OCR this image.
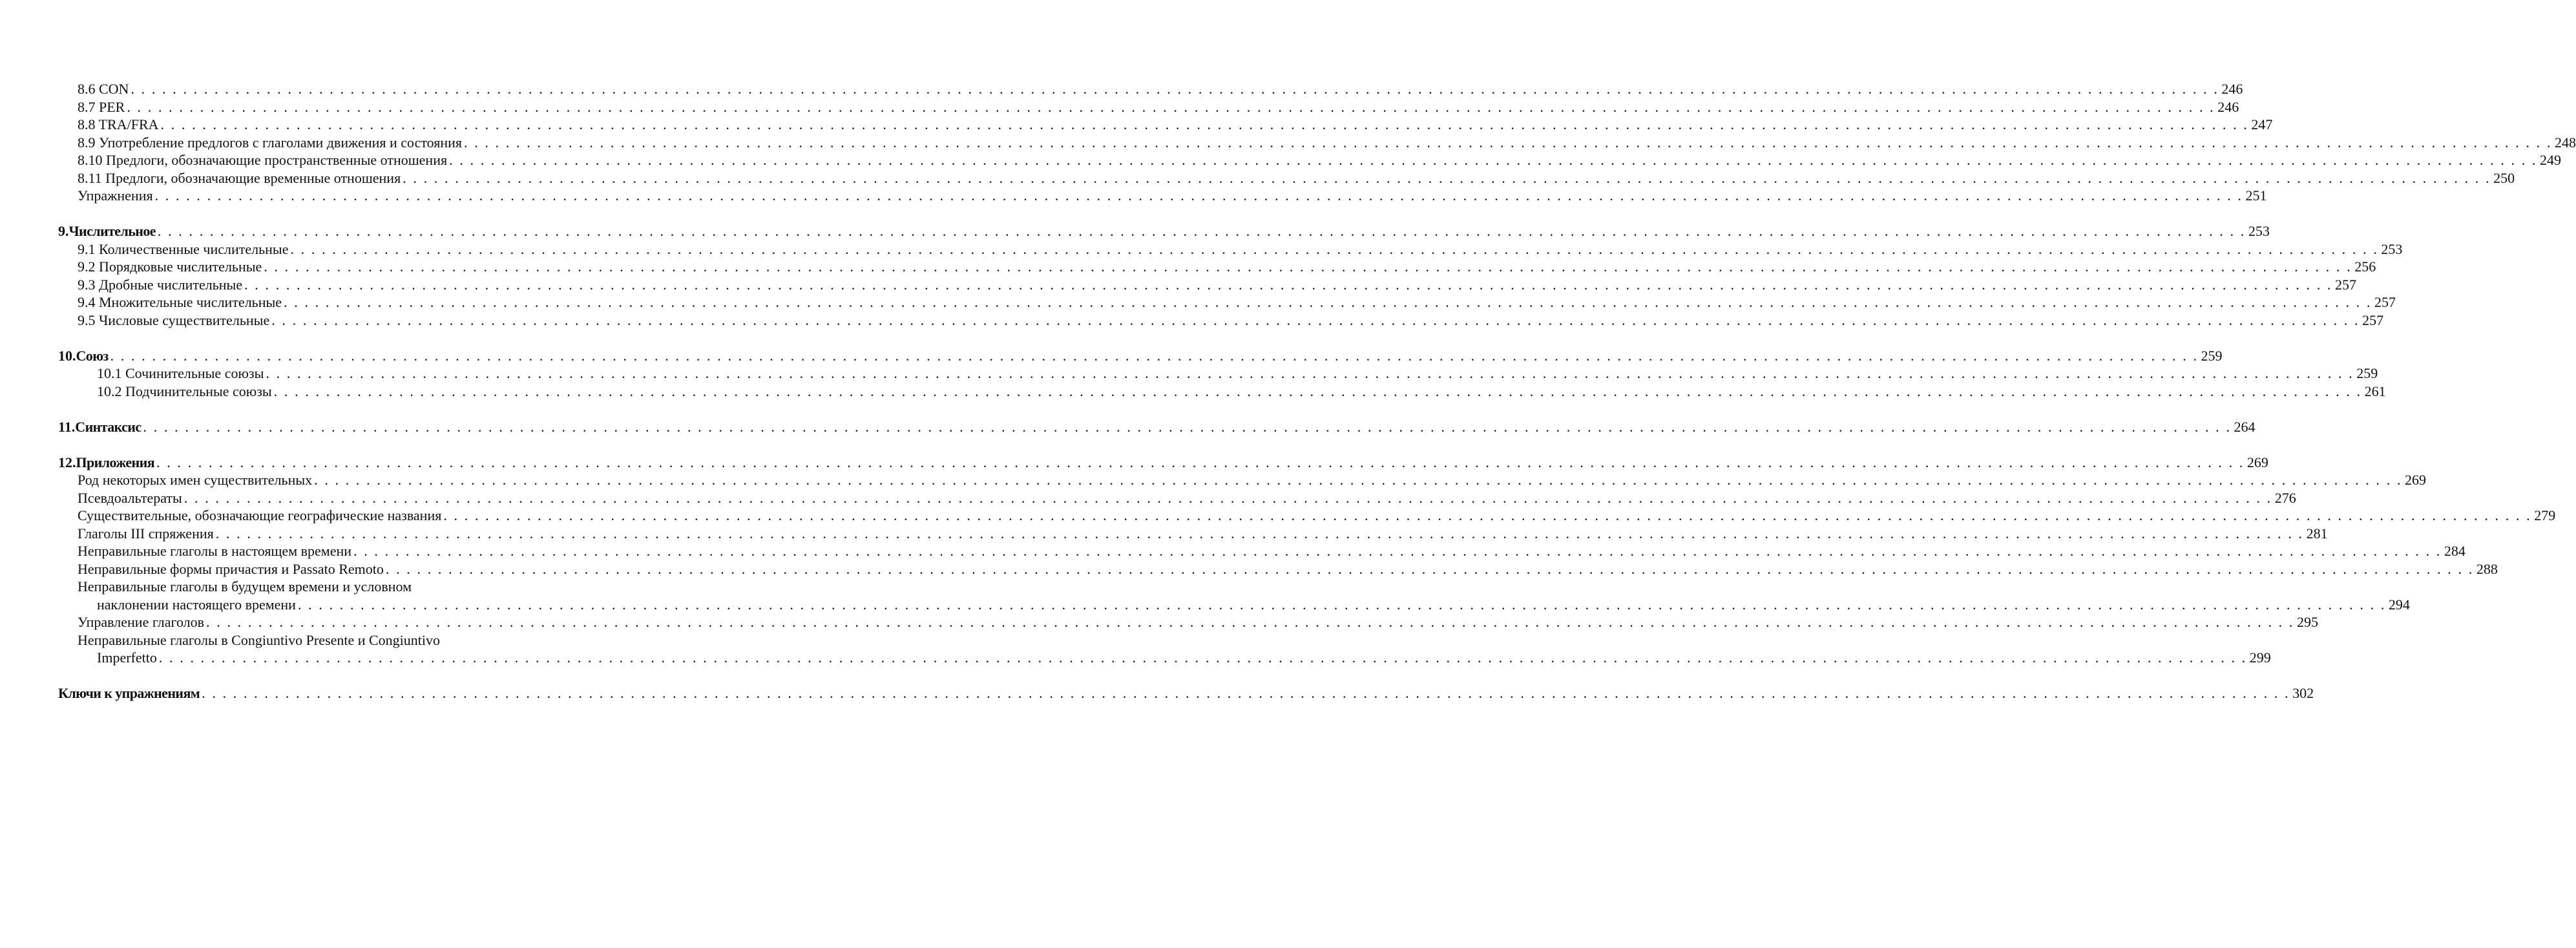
8.6 CON . . . . . . . . . . . . . . . . . . . . . . . . . . . . . . . . . . . . . . . . . . . . . . . . . . . . . . . . . . . . . . . . . . . . . . . . . . . . . . . . . . . . . . . . . . . . . . . . . . . . . . . . . . . . . . . . . . . . . . . . . . . . . . . . . . . . . . . . . . . . . . . . . . . . . . . . . . . . . . . . . . . . . . . . . . . . . . . . . . . . . . . . . . . . . . . . . . . . . . . . 246
8.7 PER . . . . . . . . . . . . . . . . . . . . . . . . . . . . . . . . . . . . . . . . . . . . . . . . . . . . . . . . . . . . . . . . . . . . . . . . . . . . . . . . . . . . . . . . . . . . . . . . . . . . . . . . . . . . . . . . . . . . . . . . . . . . . . . . . . . . . . . . . . . . . . . . . . . . . . . . . . . . . . . . . . . . . . . . . . . . . . . . . . . . . . . . . . . . . . . . . . . . . . . . 246
8.8 TRA/FRA . . . . . . . . . . . . . . . . . . . . . . . . . . . . . . . . . . . . . . . . . . . . . . . . . . . . . . . . . . . . . . . . . . . . . . . . . . . . . . . . . . . . . . . . . . . . . . . . . . . . . . . . . . . . . . . . . . . . . . . . . . . . . . . . . . . . . . . . . . . . . . . . . . . . . . . . . . . . . . . . . . . . . . . . . . . . . . . . . . . . . . . . . . . . . . . . . . . . . . . . 247
8.9 Употребление предлогов с глаголами движения и состояния . . . . . . . . . . . . . . . . . . . . . . . . . . . . . . . . . . . . . . . . . . . . . . . . . . . . . . . . . . . . . . . . . . . . . . . . . . . . . . . . . . . . . . . . . . . . . . . . . . . . . . . . . . . . . . . . . . . . . . . . . . . . . . . . . . . . . . . . . . . . . . . . . . . . . . . . . . . . . . . . . . . . . . . . . . . . . . . . . . . . . . . . . . . . . . . . . . . . . . . . 248
8.10 Предлоги, обозначающие пространственные отношения . . . . . . . . . . . . . . . . . . . . . . . . . . . . . . . . . . . . . . . . . . . . . . . . . . . . . . . . . . . . . . . . . . . . . . . . . . . . . . . . . . . . . . . . . . . . . . . . . . . . . . . . . . . . . . . . . . . . . . . . . . . . . . . . . . . . . . . . . . . . . . . . . . . . . . . . . . . . . . . . . . . . . . . . . . . . . . . . . . . . . . . . . . . . . . . . . . . . . . . . 249
8.11 Предлоги, обозначающие временные отношения . . . . . . . . . . . . . . . . . . . . . . . . . . . . . . . . . . . . . . . . . . . . . . . . . . . . . . . . . . . . . . . . . . . . . . . . . . . . . . . . . . . . . . . . . . . . . . . . . . . . . . . . . . . . . . . . . . . . . . . . . . . . . . . . . . . . . . . . . . . . . . . . . . . . . . . . . . . . . . . . . . . . . . . . . . . . . . . . . . . . . . . . . . . . . . . . . . . . . . . . 250
Упражнения . . . . . . . . . . . . . . . . . . . . . . . . . . . . . . . . . . . . . . . . . . . . . . . . . . . . . . . . . . . . . . . . . . . . . . . . . . . . . . . . . . . . . . . . . . . . . . . . . . . . . . . . . . . . . . . . . . . . . . . . . . . . . . . . . . . . . . . . . . . . . . . . . . . . . . . . . . . . . . . . . . . . . . . . . . . . . . . . . . . . . . . . . . . . . . . . . . . . . . . . 251
9. Числительное . . . . . . . . . . . . . . . . . . . . . . . . . . . . . . . . . . . . . . . . . . . . . . . . . . . . . . . . . . . . . . . . . . . . . . . . . . . . . . . . . . . . . . . . . . . . . . . . . . . . . . . . . . . . . . . . . . . . . . . . . . . . . . . . . . . . . . . . . . . . . . . . . . . . . . . . . . . . . . . . . . . . . . . . . . . . . . . . . . . . . . . . . . . . . . . . . . . . . . . . 253
9.1 Количественные числительные . . . . . . . . . . . . . . . . . . . . . . . . . . . . . . . . . . . . . . . . . . . . . . . . . . . . . . . . . . . . . . . . . . . . . . . . . . . . . . . . . . . . . . . . . . . . . . . . . . . . . . . . . . . . . . . . . . . . . . . . . . . . . . . . . . . . . . . . . . . . . . . . . . . . . . . . . . . . . . . . . . . . . . . . . . . . . . . . . . . . . . . . . . . . . . . . . . . . . . . . 253
9.2 Порядковые числительные . . . . . . . . . . . . . . . . . . . . . . . . . . . . . . . . . . . . . . . . . . . . . . . . . . . . . . . . . . . . . . . . . . . . . . . . . . . . . . . . . . . . . . . . . . . . . . . . . . . . . . . . . . . . . . . . . . . . . . . . . . . . . . . . . . . . . . . . . . . . . . . . . . . . . . . . . . . . . . . . . . . . . . . . . . . . . . . . . . . . . . . . . . . . . . . . . . . . . . . . 256
9.3 Дробные числительные . . . . . . . . . . . . . . . . . . . . . . . . . . . . . . . . . . . . . . . . . . . . . . . . . . . . . . . . . . . . . . . . . . . . . . . . . . . . . . . . . . . . . . . . . . . . . . . . . . . . . . . . . . . . . . . . . . . . . . . . . . . . . . . . . . . . . . . . . . . . . . . . . . . . . . . . . . . . . . . . . . . . . . . . . . . . . . . . . . . . . . . . . . . . . . . . . . . . . . . . 257
9.4 Множительные числительные . . . . . . . . . . . . . . . . . . . . . . . . . . . . . . . . . . . . . . . . . . . . . . . . . . . . . . . . . . . . . . . . . . . . . . . . . . . . . . . . . . . . . . . . . . . . . . . . . . . . . . . . . . . . . . . . . . . . . . . . . . . . . . . . . . . . . . . . . . . . . . . . . . . . . . . . . . . . . . . . . . . . . . . . . . . . . . . . . . . . . . . . . . . . . . . . . . . . . . . . 257
9.5 Числовые существительные . . . . . . . . . . . . . . . . . . . . . . . . . . . . . . . . . . . . . . . . . . . . . . . . . . . . . . . . . . . . . . . . . . . . . . . . . . . . . . . . . . . . . . . . . . . . . . . . . . . . . . . . . . . . . . . . . . . . . . . . . . . . . . . . . . . . . . . . . . . . . . . . . . . . . . . . . . . . . . . . . . . . . . . . . . . . . . . . . . . . . . . . . . . . . . . . . . . . . . . . 257
10. Союз . . . . . . . . . . . . . . . . . . . . . . . . . . . . . . . . . . . . . . . . . . . . . . . . . . . . . . . . . . . . . . . . . . . . . . . . . . . . . . . . . . . . . . . . . . . . . . . . . . . . . . . . . . . . . . . . . . . . . . . . . . . . . . . . . . . . . . . . . . . . . . . . . . . . . . . . . . . . . . . . . . . . . . . . . . . . . . . . . . . . . . . . . . . . . . . . . . . . . . . . 259
10.1 Сочинительные союзы . . . . . . . . . . . . . . . . . . . . . . . . . . . . . . . . . . . . . . . . . . . . . . . . . . . . . . . . . . . . . . . . . . . . . . . . . . . . . . . . . . . . . . . . . . . . . . . . . . . . . . . . . . . . . . . . . . . . . . . . . . . . . . . . . . . . . . . . . . . . . . . . . . . . . . . . . . . . . . . . . . . . . . . . . . . . . . . . . . . . . . . . . . . . . . . . . . . . . . . . 259
10.2 Подчинительные союзы . . . . . . . . . . . . . . . . . . . . . . . . . . . . . . . . . . . . . . . . . . . . . . . . . . . . . . . . . . . . . . . . . . . . . . . . . . . . . . . . . . . . . . . . . . . . . . . . . . . . . . . . . . . . . . . . . . . . . . . . . . . . . . . . . . . . . . . . . . . . . . . . . . . . . . . . . . . . . . . . . . . . . . . . . . . . . . . . . . . . . . . . . . . . . . . . . . . . . . . . 261
11. Синтаксис . . . . . . . . . . . . . . . . . . . . . . . . . . . . . . . . . . . . . . . . . . . . . . . . . . . . . . . . . . . . . . . . . . . . . . . . . . . . . . . . . . . . . . . . . . . . . . . . . . . . . . . . . . . . . . . . . . . . . . . . . . . . . . . . . . . . . . . . . . . . . . . . . . . . . . . . . . . . . . . . . . . . . . . . . . . . . . . . . . . . . . . . . . . . . . . . . . . . . . . . 264
12. Приложения . . . . . . . . . . . . . . . . . . . . . . . . . . . . . . . . . . . . . . . . . . . . . . . . . . . . . . . . . . . . . . . . . . . . . . . . . . . . . . . . . . . . . . . . . . . . . . . . . . . . . . . . . . . . . . . . . . . . . . . . . . . . . . . . . . . . . . . . . . . . . . . . . . . . . . . . . . . . . . . . . . . . . . . . . . . . . . . . . . . . . . . . . . . . . . . . . . . . . . . . 269
Род некоторых имен существительных . . . . . . . . . . . . . . . . . . . . . . . . . . . . . . . . . . . . . . . . . . . . . . . . . . . . . . . . . . . . . . . . . . . . . . . . . . . . . . . . . . . . . . . . . . . . . . . . . . . . . . . . . . . . . . . . . . . . . . . . . . . . . . . . . . . . . . . . . . . . . . . . . . . . . . . . . . . . . . . . . . . . . . . . . . . . . . . . . . . . . . . . . . . . . . . . . . . . . . . . 269
Псевдоальтераты . . . . . . . . . . . . . . . . . . . . . . . . . . . . . . . . . . . . . . . . . . . . . . . . . . . . . . . . . . . . . . . . . . . . . . . . . . . . . . . . . . . . . . . . . . . . . . . . . . . . . . . . . . . . . . . . . . . . . . . . . . . . . . . . . . . . . . . . . . . . . . . . . . . . . . . . . . . . . . . . . . . . . . . . . . . . . . . . . . . . . . . . . . . . . . . . . . . . . . . . 276
Существительные, обозначающие географические названия . . . . . . . . . . . . . . . . . . . . . . . . . . . . . . . . . . . . . . . . . . . . . . . . . . . . . . . . . . . . . . . . . . . . . . . . . . . . . . . . . . . . . . . . . . . . . . . . . . . . . . . . . . . . . . . . . . . . . . . . . . . . . . . . . . . . . . . . . . . . . . . . . . . . . . . . . . . . . . . . . . . . . . . . . . . . . . . . . . . . . . . . . . . . . . . . . . . . . . . . 279
Глаголы III спряжения . . . . . . . . . . . . . . . . . . . . . . . . . . . . . . . . . . . . . . . . . . . . . . . . . . . . . . . . . . . . . . . . . . . . . . . . . . . . . . . . . . . . . . . . . . . . . . . . . . . . . . . . . . . . . . . . . . . . . . . . . . . . . . . . . . . . . . . . . . . . . . . . . . . . . . . . . . . . . . . . . . . . . . . . . . . . . . . . . . . . . . . . . . . . . . . . . . . . . . . . 281
Неправильные глаголы в настоящем времени . . . . . . . . . . . . . . . . . . . . . . . . . . . . . . . . . . . . . . . . . . . . . . . . . . . . . . . . . . . . . . . . . . . . . . . . . . . . . . . . . . . . . . . . . . . . . . . . . . . . . . . . . . . . . . . . . . . . . . . . . . . . . . . . . . . . . . . . . . . . . . . . . . . . . . . . . . . . . . . . . . . . . . . . . . . . . . . . . . . . . . . . . . . . . . . . . . . . . . . . 284
Неправильные формы причастия и Passato Remoto . . . . . . . . . . . . . . . . . . . . . . . . . . . . . . . . . . . . . . . . . . . . . . . . . . . . . . . . . . . . . . . . . . . . . . . . . . . . . . . . . . . . . . . . . . . . . . . . . . . . . . . . . . . . . . . . . . . . . . . . . . . . . . . . . . . . . . . . . . . . . . . . . . . . . . . . . . . . . . . . . . . . . . . . . . . . . . . . . . . . . . . . . . . . . . . . . . . . . . . . 288
Неправильные глаголы в будущем времени и условном
наклонении настоящего времени . . . . . . . . . . . . . . . . . . . . . . . . . . . . . . . . . . . . . . . . . . . . . . . . . . . . . . . . . . . . . . . . . . . . . . . . . . . . . . . . . . . . . . . . . . . . . . . . . . . . . . . . . . . . . . . . . . . . . . . . . . . . . . . . . . . . . . . . . . . . . . . . . . . . . . . . . . . . . . . . . . . . . . . . . . . . . . . . . . . . . . . . . . . . . . . . . . . . . . . . 294
Управление глаголов . . . . . . . . . . . . . . . . . . . . . . . . . . . . . . . . . . . . . . . . . . . . . . . . . . . . . . . . . . . . . . . . . . . . . . . . . . . . . . . . . . . . . . . . . . . . . . . . . . . . . . . . . . . . . . . . . . . . . . . . . . . . . . . . . . . . . . . . . . . . . . . . . . . . . . . . . . . . . . . . . . . . . . . . . . . . . . . . . . . . . . . . . . . . . . . . . . . . . . . . 295
Неправильные глаголы в Congiuntivo Presente и Congiuntivo
Imperfetto . . . . . . . . . . . . . . . . . . . . . . . . . . . . . . . . . . . . . . . . . . . . . . . . . . . . . . . . . . . . . . . . . . . . . . . . . . . . . . . . . . . . . . . . . . . . . . . . . . . . . . . . . . . . . . . . . . . . . . . . . . . . . . . . . . . . . . . . . . . . . . . . . . . . . . . . . . . . . . . . . . . . . . . . . . . . . . . . . . . . . . . . . . . . . . . . . . . . . . . . 299
Ключи к упражнениям . . . . . . . . . . . . . . . . . . . . . . . . . . . . . . . . . . . . . . . . . . . . . . . . . . . . . . . . . . . . . . . . . . . . . . . . . . . . . . . . . . . . . . . . . . . . . . . . . . . . . . . . . . . . . . . . . . . . . . . . . . . . . . . . . . . . . . . . . . . . . . . . . . . . . . . . . . . . . . . . . . . . . . . . . . . . . . . . . . . . . . . . . . . . . . . . . . . . . . . . 302
